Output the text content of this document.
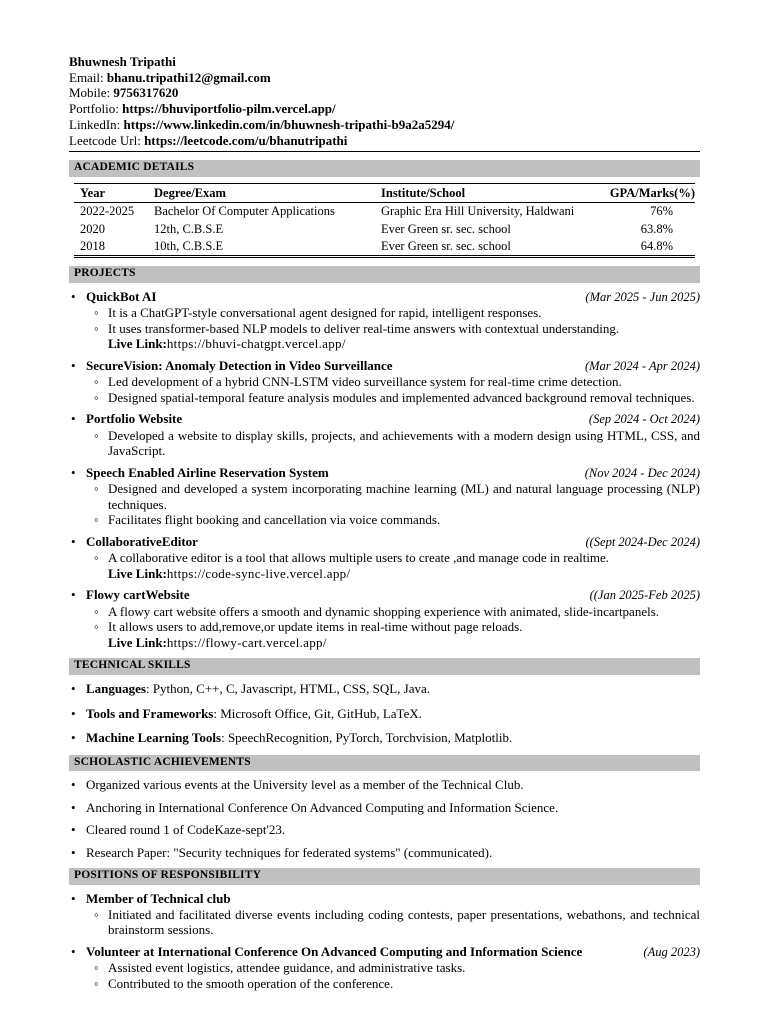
Bhuwnesh Tripathi
Email: bhanu.tripathi12@gmail.com
Mobile: 9756317620
Portfolio: https://bhuviportfolio-pilm.vercel.app/
LinkedIn: https://www.linkedin.com/in/bhuwnesh-tripathi-b9a2a5294/
Leetcode Url: https://leetcode.com/u/bhanutripathi
ACADEMIC DETAILS
Year	Degree/Exam	Institute/School	GPA/Marks(%)
2022-2025	Bachelor Of Computer Applications	Graphic Era Hill University, Haldwani	76%
2020	12th, C.B.S.E	Ever Green sr. sec. school	63.8%
2018	10th, C.B.S.E	Ever Green sr. sec. school	64.8%
PROJECTS
• QuickBot AI	(Mar 2025 - Jun 2025)
◦ It is a ChatGPT-style conversational agent designed for rapid, intelligent responses.
◦ It uses transformer-based NLP models to deliver real-time answers with contextual understanding.
Live Link:https://bhuvi-chatgpt.vercel.app/
• SecureVision: Anomaly Detection in Video Surveillance	(Mar 2024 - Apr 2024)
◦ Led development of a hybrid CNN-LSTM video surveillance system for real-time crime detection.
◦ Designed spatial-temporal feature analysis modules and implemented advanced background removal techniques.
• Portfolio Website	(Sep 2024 - Oct 2024)
◦ Developed a website to display skills, projects, and achievements with a modern design using HTML, CSS, and JavaScript.
• Speech Enabled Airline Reservation System	(Nov 2024 - Dec 2024)
◦ Designed and developed a system incorporating machine learning (ML) and natural language processing (NLP) techniques.
◦ Facilitates flight booking and cancellation via voice commands.
• CollaborativeEditor	((Sept 2024-Dec 2024)
◦ A collaborative editor is a tool that allows multiple users to create ,and manage code in realtime.
Live Link:https://code-sync-live.vercel.app/
• Flowy cartWebsite	((Jan 2025-Feb 2025)
◦ A flowy cart website offers a smooth and dynamic shopping experience with animated, slide-incartpanels.
◦ It allows users to add,remove,or update items in real-time without page reloads.
Live Link:https://flowy-cart.vercel.app/
TECHNICAL SKILLS
• Languages: Python, C++, C, Javascript, HTML, CSS, SQL, Java.
• Tools and Frameworks: Microsoft Office, Git, GitHub, LaTeX.
• Machine Learning Tools: SpeechRecognition, PyTorch, Torchvision, Matplotlib.
SCHOLASTIC ACHIEVEMENTS
• Organized various events at the University level as a member of the Technical Club.
• Anchoring in International Conference On Advanced Computing and Information Science.
• Cleared round 1 of CodeKaze-sept'23.
• Research Paper: "Security techniques for federated systems" (communicated).
POSITIONS OF RESPONSIBILITY
• Member of Technical club
◦ Initiated and facilitated diverse events including coding contests, paper presentations, webathons, and technical brainstorm sessions.
• Volunteer at International Conference On Advanced Computing and Information Science	(Aug 2023)
◦ Assisted event logistics, attendee guidance, and administrative tasks.
◦ Contributed to the smooth operation of the conference.
